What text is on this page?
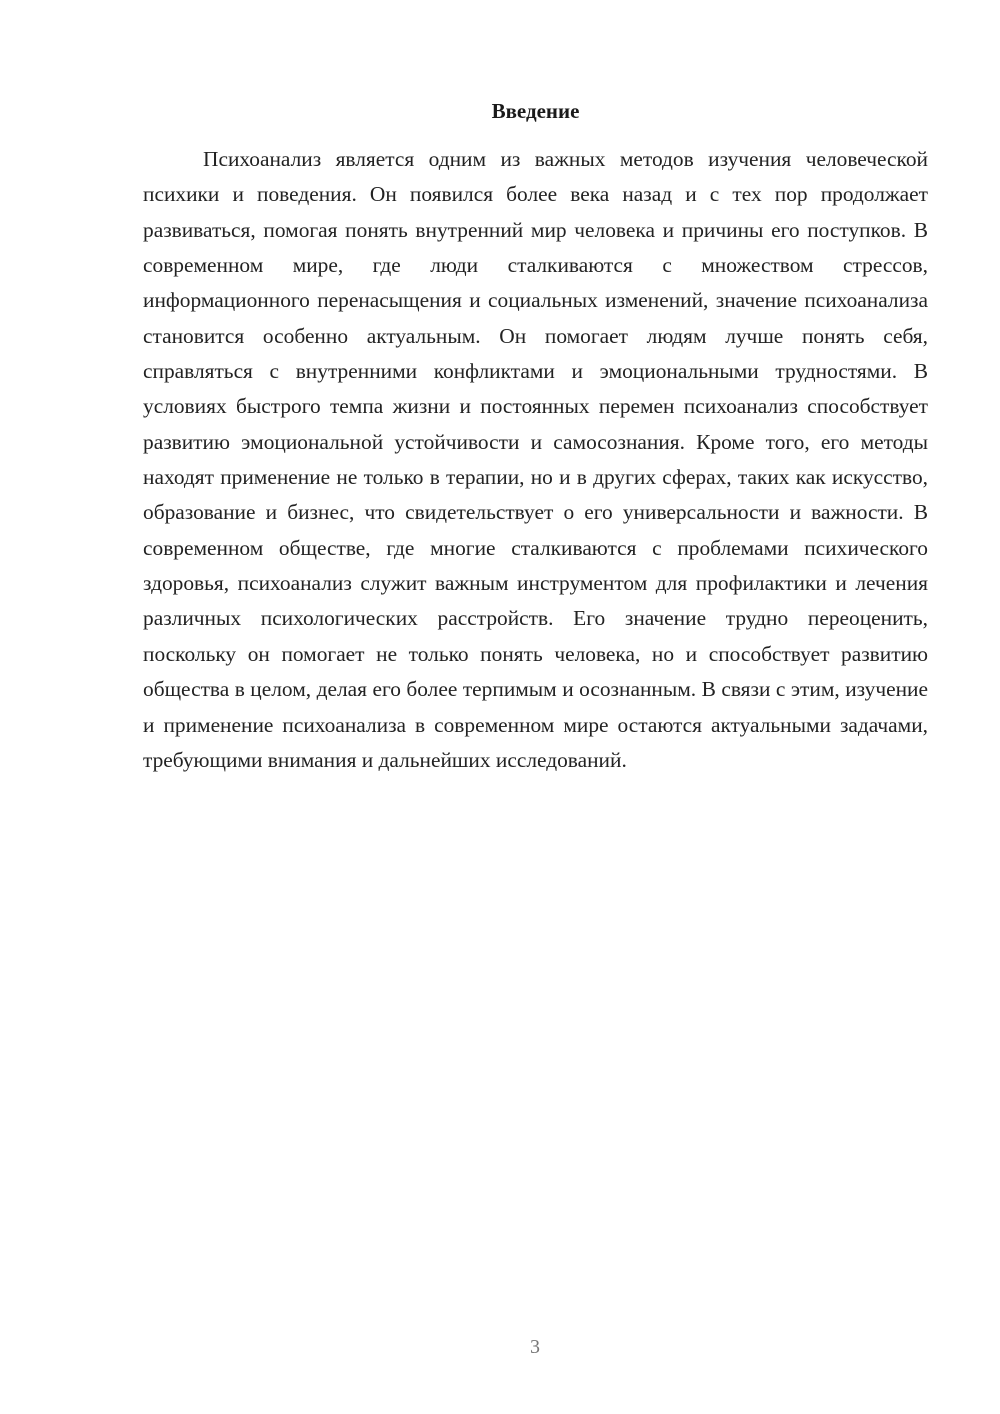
Введение

Психоанализ является одним из важных методов изучения человеческой психики и поведения. Он появился более века назад и с тех пор продолжает развиваться, помогая понять внутренний мир человека и причины его поступков. В современном мире, где люди сталкиваются с множеством стрессов, информационного перенасыщения и социальных изменений, значение психоанализа становится особенно актуальным. Он помогает людям лучше понять себя, справляться с внутренними конфликтами и эмоциональными трудностями. В условиях быстрого темпа жизни и постоянных перемен психоанализ способствует развитию эмоциональной устойчивости и самосознания. Кроме того, его методы находят применение не только в терапии, но и в других сферах, таких как искусство, образование и бизнес, что свидетельствует о его универсальности и важности. В современном обществе, где многие сталкиваются с проблемами психического здоровья, психоанализ служит важным инструментом для профилактики и лечения различных психологических расстройств. Его значение трудно переоценить, поскольку он помогает не только понять человека, но и способствует развитию общества в целом, делая его более терпимым и осознанным. В связи с этим, изучение и применение психоанализа в современном мире остаются актуальными задачами, требующими внимания и дальнейших исследований.

3
